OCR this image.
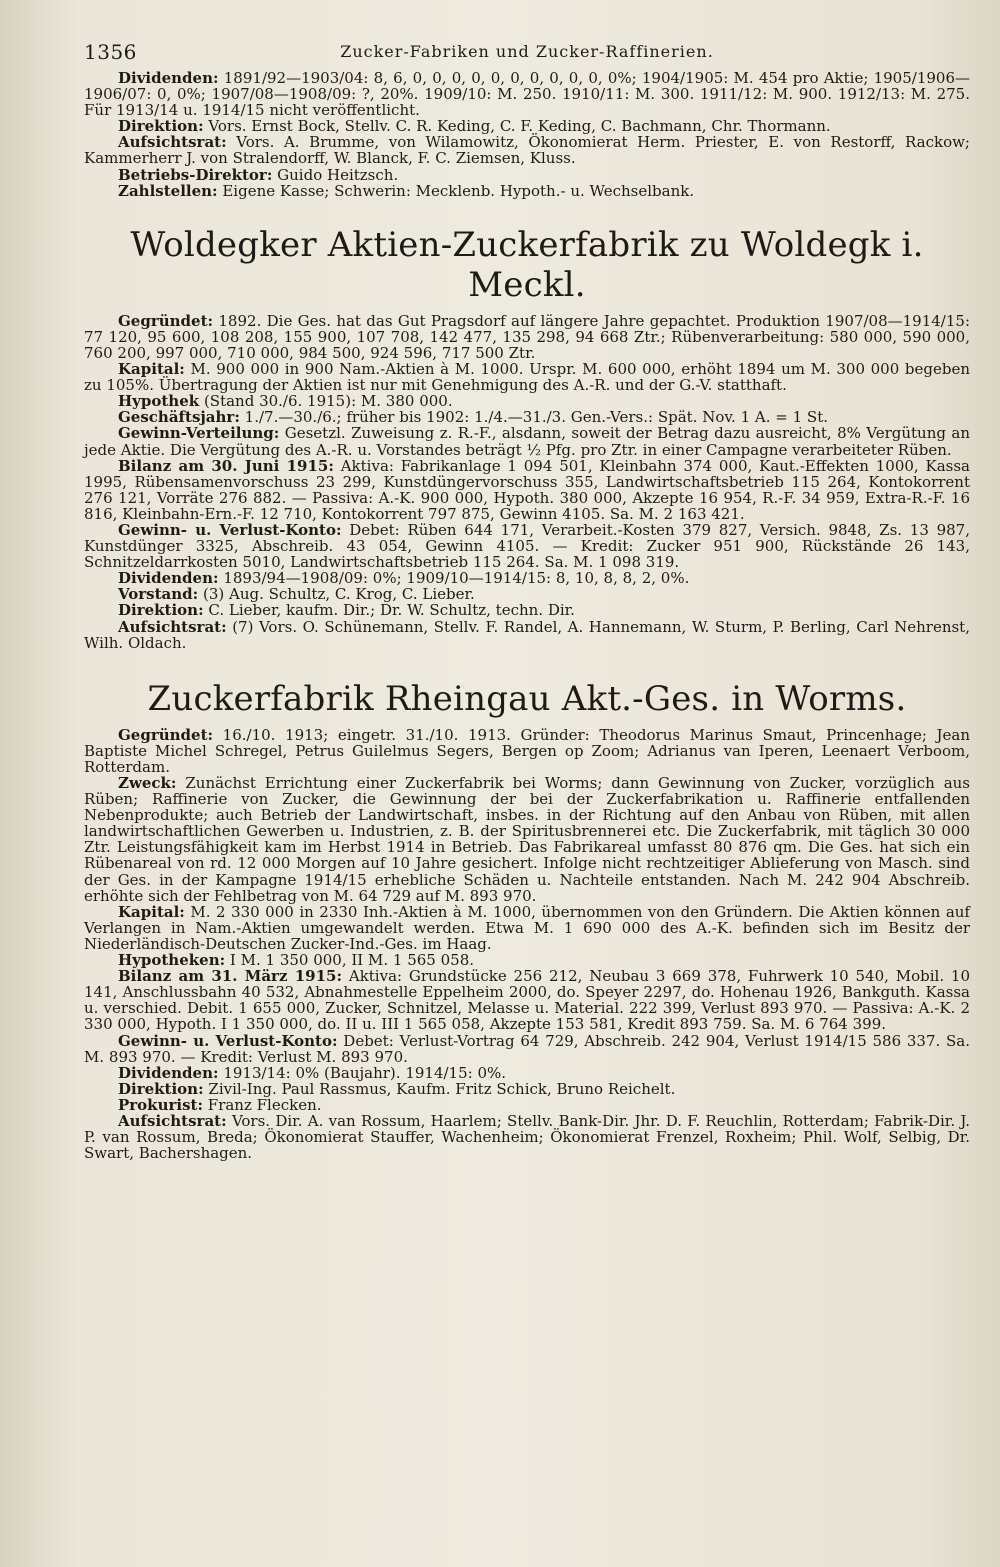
1356	Zucker-Fabriken und Zucker-Raffinerien.

Dividenden: 1891/92—1903/04: 8, 6, 0, 0, 0, 0, 0, 0, 0, 0, 0, 0, 0%; 1904/1905: M. 454 pro Aktie; 1905/1906—1906/07: 0, 0%; 1907/08—1908/09: ?, 20%. 1909/10: M. 250. 1910/11: M. 300. 1911/12: M. 900. 1912/13: M. 275. Für 1913/14 u. 1914/15 nicht veröffentlicht.

Direktion: Vors. Ernst Bock, Stellv. C. R. Keding, C. F. Keding, C. Bachmann, Chr. Thormann.

Aufsichtsrat: Vors. A. Brumme, von Wilamowitz, Ökonomierat Herm. Priester, E. von Restorff, Rackow; Kammerherr J. von Stralendorff, W. Blanck, F. C. Ziemsen, Kluss.

Betriebs-Direktor: Guido Heitzsch.

Zahlstellen: Eigene Kasse; Schwerin: Mecklenb. Hypoth.- u. Wechselbank.

Woldegker Aktien-Zuckerfabrik zu Woldegk i. Meckl.

Gegründet: 1892. Die Ges. hat das Gut Pragsdorf auf längere Jahre gepachtet. Produktion 1907/08—1914/15: 77 120, 95 600, 108 208, 155 900, 107 708, 142 477, 135 298, 94 668 Ztr.; Rübenverarbeitung: 580 000, 590 000, 760 200, 997 000, 710 000, 984 500, 924 596, 717 500 Ztr.

Kapital: M. 900 000 in 900 Nam.-Aktien à M. 1000. Urspr. M. 600 000, erhöht 1894 um M. 300 000 begeben zu 105%. Übertragung der Aktien ist nur mit Genehmigung des A.-R. und der G.-V. statthaft.

Hypothek (Stand 30./6. 1915): M. 380 000.

Geschäftsjahr: 1./7.—30./6.; früher bis 1902: 1./4.—31./3. Gen.-Vers.: Spät. Nov. 1 A. = 1 St.

Gewinn-Verteilung: Gesetzl. Zuweisung z. R.-F., alsdann, soweit der Betrag dazu ausreicht, 8% Vergütung an jede Aktie. Die Vergütung des A.-R. u. Vorstandes beträgt ½ Pfg. pro Ztr. in einer Campagne verarbeiteter Rüben.

Bilanz am 30. Juni 1915: Aktiva: Fabrikanlage 1 094 501, Kleinbahn 374 000, Kaut.-Effekten 1000, Kassa 1995, Rübensamenvorschuss 23 299, Kunstdüngervorschuss 355, Landwirtschaftsbetrieb 115 264, Kontokorrent 276 121, Vorräte 276 882. — Passiva: A.-K. 900 000, Hypoth. 380 000, Akzepte 16 954, R.-F. 34 959, Extra-R.-F. 16 816, Kleinbahn-Ern.-F. 12 710, Kontokorrent 797 875, Gewinn 4105. Sa. M. 2 163 421.

Gewinn- u. Verlust-Konto: Debet: Rüben 644 171, Verarbeit.-Kosten 379 827, Versich. 9848, Zs. 13 987, Kunstdünger 3325, Abschreib. 43 054, Gewinn 4105. — Kredit: Zucker 951 900, Rückstände 26 143, Schnitzeldarrkosten 5010, Landwirtschaftsbetrieb 115 264. Sa. M. 1 098 319.

Dividenden: 1893/94—1908/09: 0%; 1909/10—1914/15: 8, 10, 8, 8, 2, 0%.

Vorstand: (3) Aug. Schultz, C. Krog, C. Lieber.

Direktion: C. Lieber, kaufm. Dir.; Dr. W. Schultz, techn. Dir.

Aufsichtsrat: (7) Vors. O. Schünemann, Stellv. F. Randel, A. Hannemann, W. Sturm, P. Berling, Carl Nehrenst, Wilh. Oldach.

Zuckerfabrik Rheingau Akt.-Ges. in Worms.

Gegründet: 16./10. 1913; eingetr. 31./10. 1913. Gründer: Theodorus Marinus Smaut, Princenhage; Jean Baptiste Michel Schregel, Petrus Guilelmus Segers, Bergen op Zoom; Adrianus van Iperen, Leenaert Verboom, Rotterdam.

Zweck: Zunächst Errichtung einer Zuckerfabrik bei Worms; dann Gewinnung von Zucker, vorzüglich aus Rüben; Raffinerie von Zucker, die Gewinnung der bei der Zuckerfabrikation u. Raffinerie entfallenden Nebenprodukte; auch Betrieb der Landwirtschaft, insbes. in der Richtung auf den Anbau von Rüben, mit allen landwirtschaftlichen Gewerben u. Industrien, z. B. der Spiritusbrennerei etc. Die Zuckerfabrik, mit täglich 30 000 Ztr. Leistungsfähigkeit kam im Herbst 1914 in Betrieb. Das Fabrikareal umfasst 80 876 qm. Die Ges. hat sich ein Rübenareal von rd. 12 000 Morgen auf 10 Jahre gesichert. Infolge nicht rechtzeitiger Ablieferung von Masch. sind der Ges. in der Kampagne 1914/15 erhebliche Schäden u. Nachteile entstanden. Nach M. 242 904 Abschreib. erhöhte sich der Fehlbetrag von M. 64 729 auf M. 893 970.

Kapital: M. 2 330 000 in 2330 Inh.-Aktien à M. 1000, übernommen von den Gründern. Die Aktien können auf Verlangen in Nam.-Aktien umgewandelt werden. Etwa M. 1 690 000 des A.-K. befinden sich im Besitz der Niederländisch-Deutschen Zucker-Ind.-Ges. im Haag.

Hypotheken: I M. 1 350 000, II M. 1 565 058.

Bilanz am 31. März 1915: Aktiva: Grundstücke 256 212, Neubau 3 669 378, Fuhrwerk 10 540, Mobil. 10 141, Anschlussbahn 40 532, Abnahmestelle Eppelheim 2000, do. Speyer 2297, do. Hohenau 1926, Bankguth. Kassa u. verschied. Debit. 1 655 000, Zucker, Schnitzel, Melasse u. Material. 222 399, Verlust 893 970. — Passiva: A.-K. 2 330 000, Hypoth. I 1 350 000, do. II u. III 1 565 058, Akzepte 153 581, Kredit 893 759. Sa. M. 6 764 399.

Gewinn- u. Verlust-Konto: Debet: Verlust-Vortrag 64 729, Abschreib. 242 904, Verlust 1914/15 586 337. Sa. M. 893 970. — Kredit: Verlust M. 893 970.

Dividenden: 1913/14: 0% (Baujahr). 1914/15: 0%.

Direktion: Zivil-Ing. Paul Rassmus, Kaufm. Fritz Schick, Bruno Reichelt.

Prokurist: Franz Flecken.

Aufsichtsrat: Vors. Dir. A. van Rossum, Haarlem; Stellv. Bank-Dir. Jhr. D. F. Reuchlin, Rotterdam; Fabrik-Dir. J. P. van Rossum, Breda; Ökonomierat Stauffer, Wachenheim; Ökonomierat Frenzel, Roxheim; Phil. Wolf, Selbig, Dr. Swart, Bachershagen.
